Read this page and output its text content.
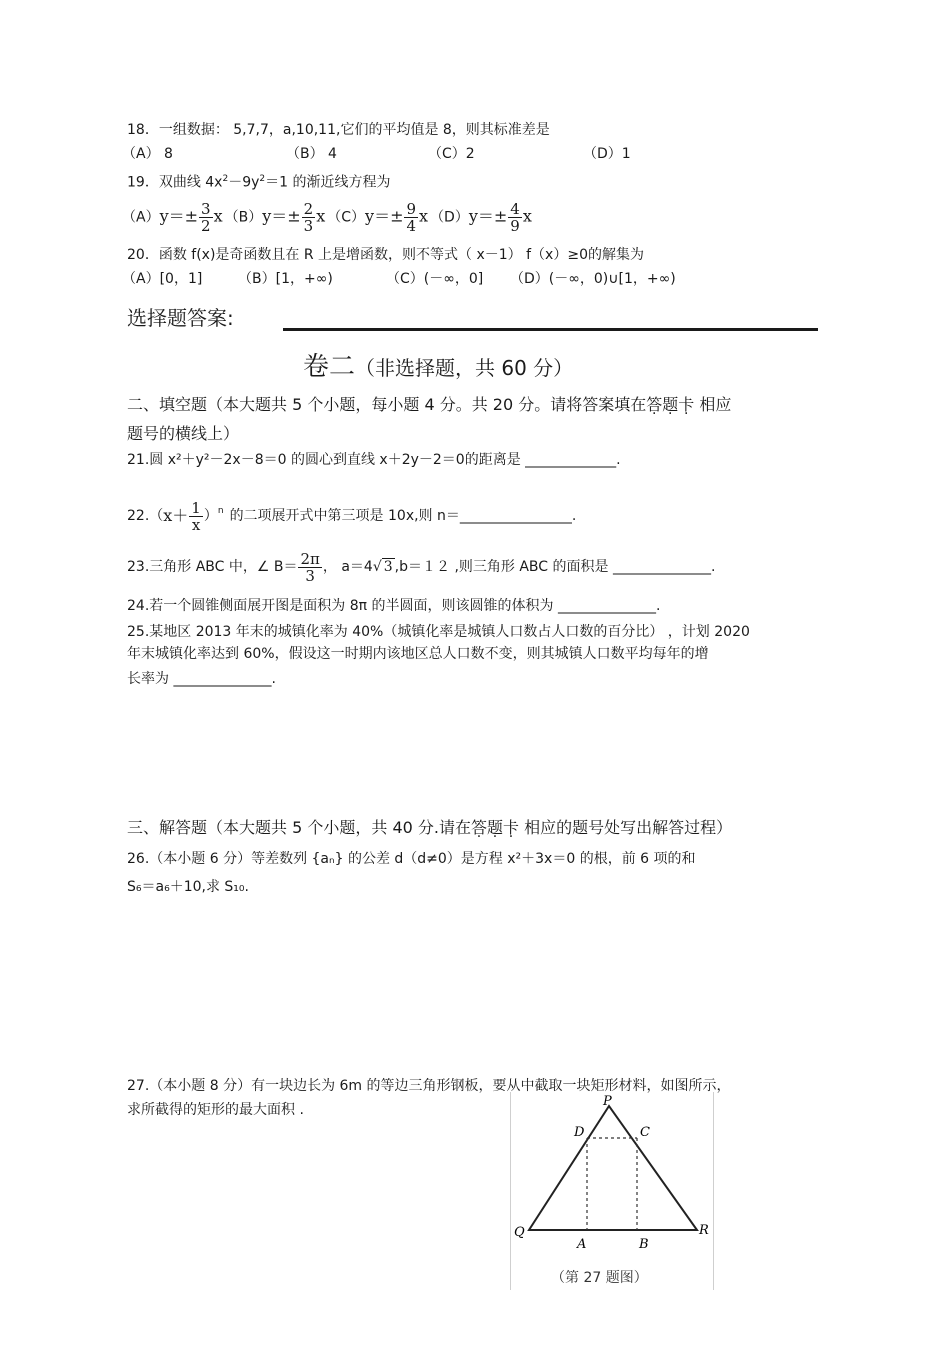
18．一组数据： 5,7,7，a,10,11,它们的平均值是 8，则其标准差是
（A） 8	（B） 4	（C）2	（D）1
19．双曲线 $4x^2-9y^2=1$ 的渐近线方程为
$(A)y=\pm \frac{3}{2}$ x $(B)y=\pm \frac{2}{3}$ x $(C)y=\pm \frac{9}{4}$ x $(D)y=\pm \frac{4}{9}$ x
20．函数 f(x)是奇函数且在 R 上是增函数，则不等式（ x－1） f（x）≥0的解集为
（A）[0，1]	（B）[1，+∞)	（C）(－∞，0] （D）(－∞，0)∪[1，+∞)
选择题答案:
卷二（非选择题，共 60 分）
二、填空题（本大题共 5 个小题，每小题 4 分。共 20 分。请将答案填在答题卡 相应
题号的横线上）
21.圆 x²＋y²－2x－8＝0 的圆心到直线 x＋2y－2＝0的距离是 _____________.
22.（ $x+ \frac{1}{x} )^n$ 的二项展开式中第三项是 10x,则 n＝________________.
23.三角形 ABC 中，∠ $B= \frac{2\pi}{3}$ ， a＝4 √ 3 ,b＝１２ ,则三角形 ABC 的面积是 ______________.
24.若一个圆锥侧面展开图是面积为 8π 的半圆面，则该圆锥的体积为 ______________.
25.某地区 2013 年末的城镇化率为 40%（城镇化率是城镇人口数占人口数的百分比） ，计划 2020
年末城镇化率达到 60%，假设这一时期内该地区总人口数不变，则其城镇人口数平均每年的增
长率为 ______________.
三、解答题（本大题共 5 个小题，共 40 分.请在答题卡 相应的题号处写出解答过程）
26.（本小题 6 分）等差数列 {aₙ} 的公差 d（d≠0）是方程 x²＋3x＝0 的根，前 6 项的和
S₆＝a₆＋10,求 S₁₀.
27.（本小题 8 分）有一块边长为 6m 的等边三角形钢板，要从中截取一块矩形材料，如图所示，
求所截得的矩形的最大面积 .
P
D	C
Q	R
A	B
（第 27 题图）
